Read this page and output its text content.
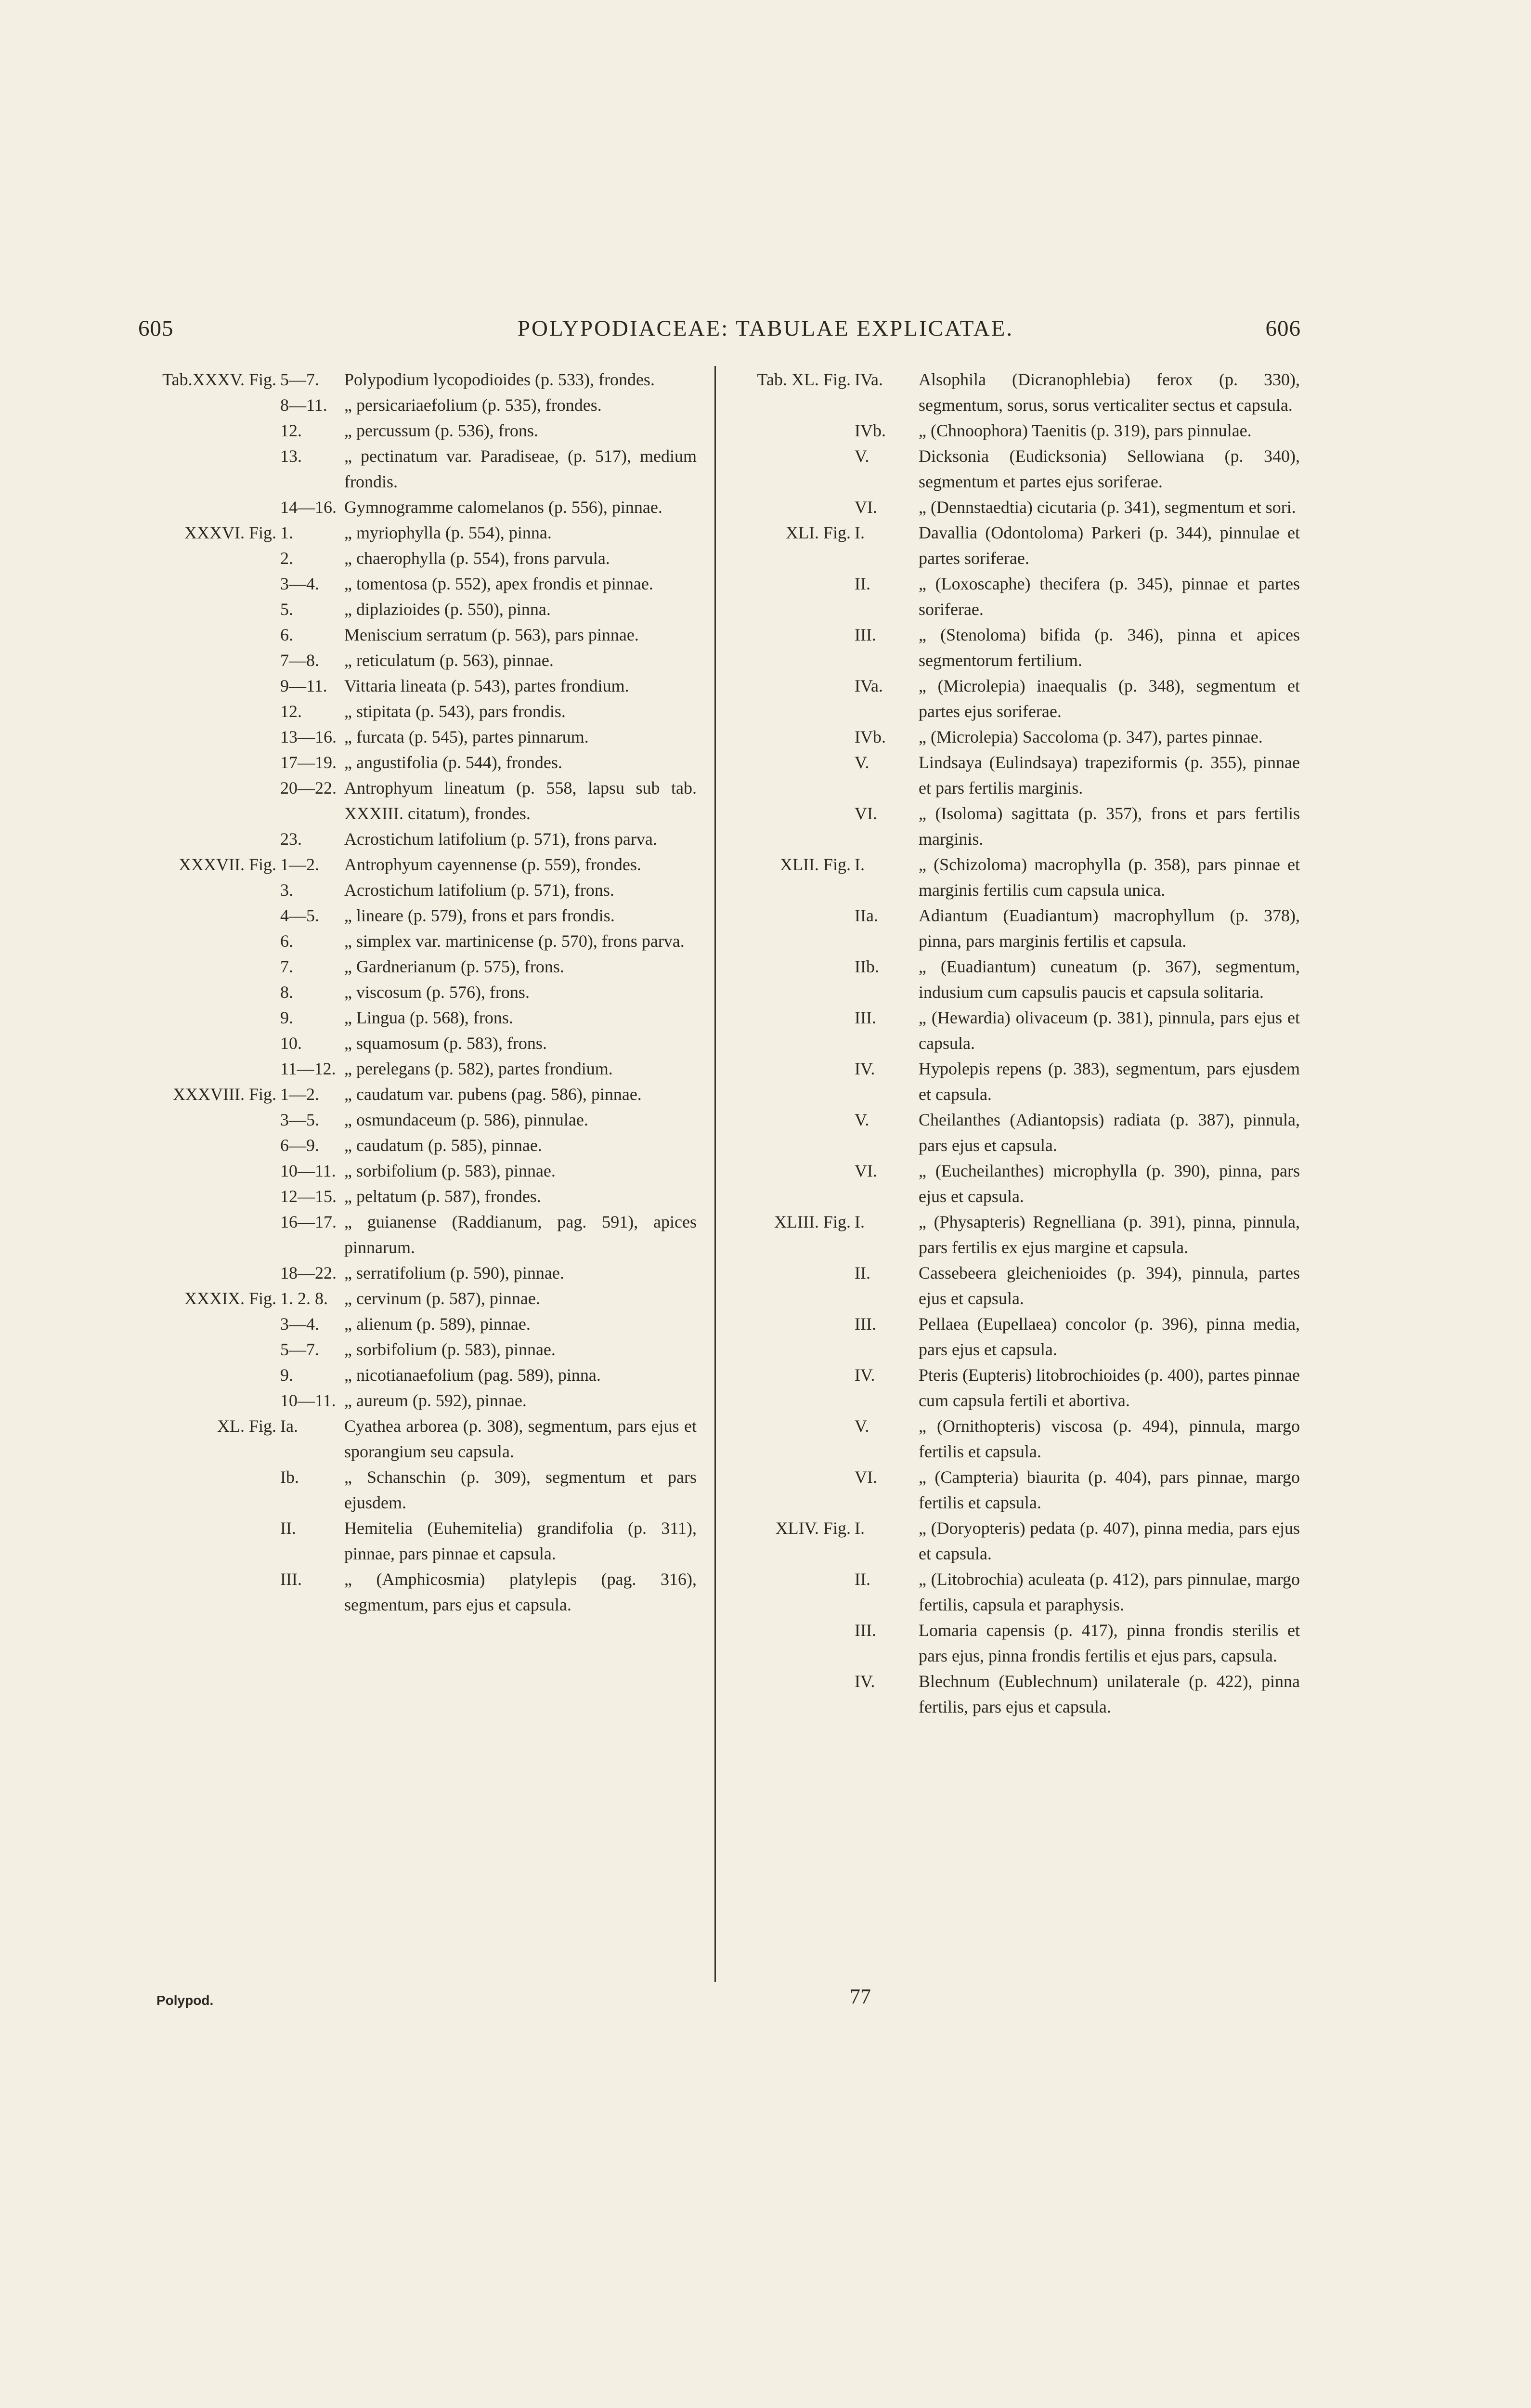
605	POLYPODIACEAE: TABULAE EXPLICATAE.	606
Tab.XXXV. Fig. 5—7.	Polypodium lycopodioides (p. 533), frondes.
8—11. „ persicariaefolium (p. 535), frondes.
12.	„ percussum (p. 536), frons.
13.	„ pectinatum var. Paradiseae, (p. 517), medium frondis.
14—16. Gymnogramme calomelanos (p. 556), pinnae.
XXXVI. Fig. 1.	„ myriophylla (p. 554), pinna.
2.	„ chaerophylla (p. 554), frons parvula.
3—4.	„ tomentosa (p. 552), apex frondis et pinnae.
5.	„ diplazioides (p. 550), pinna.
6.	Meniscium serratum (p. 563), pars pinnae.
7—8.	„ reticulatum (p. 563), pinnae.
9—11. Vittaria lineata (p. 543), partes frondium.
12.	„ stipitata (p. 543), pars frondis.
13—16. „ furcata (p. 545), partes pinnarum.
17—19. „ angustifolia (p. 544), frondes.
20—22. Antrophyum lineatum (p. 558, lapsu sub tab. XXXIII. citatum), frondes.
23.	Acrostichum latifolium (p. 571), frons parva.
XXXVII. Fig. 1—2.	Antrophyum cayennense (p. 559), frondes.
3.	Acrostichum latifolium (p. 571), frons.
4—5.	„ lineare (p. 579), frons et pars frondis.
6.	„ simplex var. martinicense (p. 570), frons parva.
7.	„ Gardnerianum (p. 575), frons.
8.	„ viscosum (p. 576), frons.
9.	„ Lingua (p. 568), frons.
10.	„ squamosum (p. 583), frons.
11—12. „ perelegans (p. 582), partes frondium.
XXXVIII. Fig. 1—2.	„ caudatum var. pubens (pag. 586), pinnae.
3—5.	„ osmundaceum (p. 586), pinnulae.
6—9.	„ caudatum (p. 585), pinnae.
10—11. „ sorbifolium (p. 583), pinnae.
12—15. „ peltatum (p. 587), frondes.
16—17. „ guianense (Raddianum, pag. 591), apices pinnarum.
18—22. „ serratifolium (p. 590), pinnae.
XXXIX. Fig. 1. 2. 8. „ cervinum (p. 587), pinnae.
3—4.	„ alienum (p. 589), pinnae.
5—7.	„ sorbifolium (p. 583), pinnae.
9.	„ nicotianaefolium (pag. 589), pinna.
10—11. „ aureum (p. 592), pinnae.
XL. Fig. Ia.	Cyathea arborea (p. 308), segmentum, pars ejus et sporangium seu capsula.
Ib.	„ Schanschin (p. 309), segmentum et pars ejusdem.
II.	Hemitelia (Euhemitelia) grandifolia (p. 311), pinnae, pars pinnae et capsula.
III.	„ (Amphicosmia) platylepis (pag. 316), segmentum, pars ejus et capsula.
Tab. XL. Fig. IVa.	Alsophila (Dicranophlebia) ferox (p. 330), segmentum, sorus, sorus verticaliter sectus et capsula.
IVb.	„ (Chnoophora) Taenitis (p. 319), pars pinnulae.
V.	Dicksonia (Eudicksonia) Sellowiana (p. 340), segmentum et partes ejus soriferae.
VI.	„ (Dennstaedtia) cicutaria (p. 341), segmentum et sori.
XLI. Fig. I.	Davallia (Odontoloma) Parkeri (p. 344), pinnulae et partes soriferae.
II.	„ (Loxoscaphe) thecifera (p. 345), pinnae et partes soriferae.
III.	„ (Stenoloma) bifida (p. 346), pinna et apices segmentorum fertilium.
IVa.	„ (Microlepia) inaequalis (p. 348), segmentum et partes ejus soriferae.
IVb.	„ (Microlepia) Saccoloma (p. 347), partes pinnae.
V.	Lindsaya (Eulindsaya) trapeziformis (p. 355), pinnae et pars fertilis marginis.
VI.	„ (Isoloma) sagittata (p. 357), frons et pars fertilis marginis.
XLII. Fig. I.	„ (Schizoloma) macrophylla (p. 358), pars pinnae et marginis fertilis cum capsula unica.
IIa.	Adiantum (Euadiantum) macrophyllum (p. 378), pinna, pars marginis fertilis et capsula.
IIb.	„ (Euadiantum) cuneatum (p. 367), segmentum, indusium cum capsulis paucis et capsula solitaria.
III.	„ (Hewardia) olivaceum (p. 381), pinnula, pars ejus et capsula.
IV.	Hypolepis repens (p. 383), segmentum, pars ejusdem et capsula.
V.	Cheilanthes (Adiantopsis) radiata (p. 387), pinnula, pars ejus et capsula.
VI.	„ (Eucheilanthes) microphylla (p. 390), pinna, pars ejus et capsula.
XLIII. Fig. I.	„ (Physapteris) Regnelliana (p. 391), pinna, pinnula, pars fertilis ex ejus margine et capsula.
II.	Cassebeera gleichenioides (p. 394), pinnula, partes ejus et capsula.
III.	Pellaea (Eupellaea) concolor (p. 396), pinna media, pars ejus et capsula.
IV.	Pteris (Eupteris) litobrochioides (p. 400), partes pinnae cum capsula fertili et abortiva.
V.	„ (Ornithopteris) viscosa (p. 494), pinnula, margo fertilis et capsula.
VI.	„ (Campteria) biaurita (p. 404), pars pinnae, margo fertilis et capsula.
XLIV. Fig. I.	„ (Doryopteris) pedata (p. 407), pinna media, pars ejus et capsula.
II.	„ (Litobrochia) aculeata (p. 412), pars pinnulae, margo fertilis, capsula et paraphysis.
III.	Lomaria capensis (p. 417), pinna frondis sterilis et pars ejus, pinna frondis fertilis et ejus pars, capsula.
IV.	Blechnum (Eublechnum) unilaterale (p. 422), pinna fertilis, pars ejus et capsula.
Polypod.	77
